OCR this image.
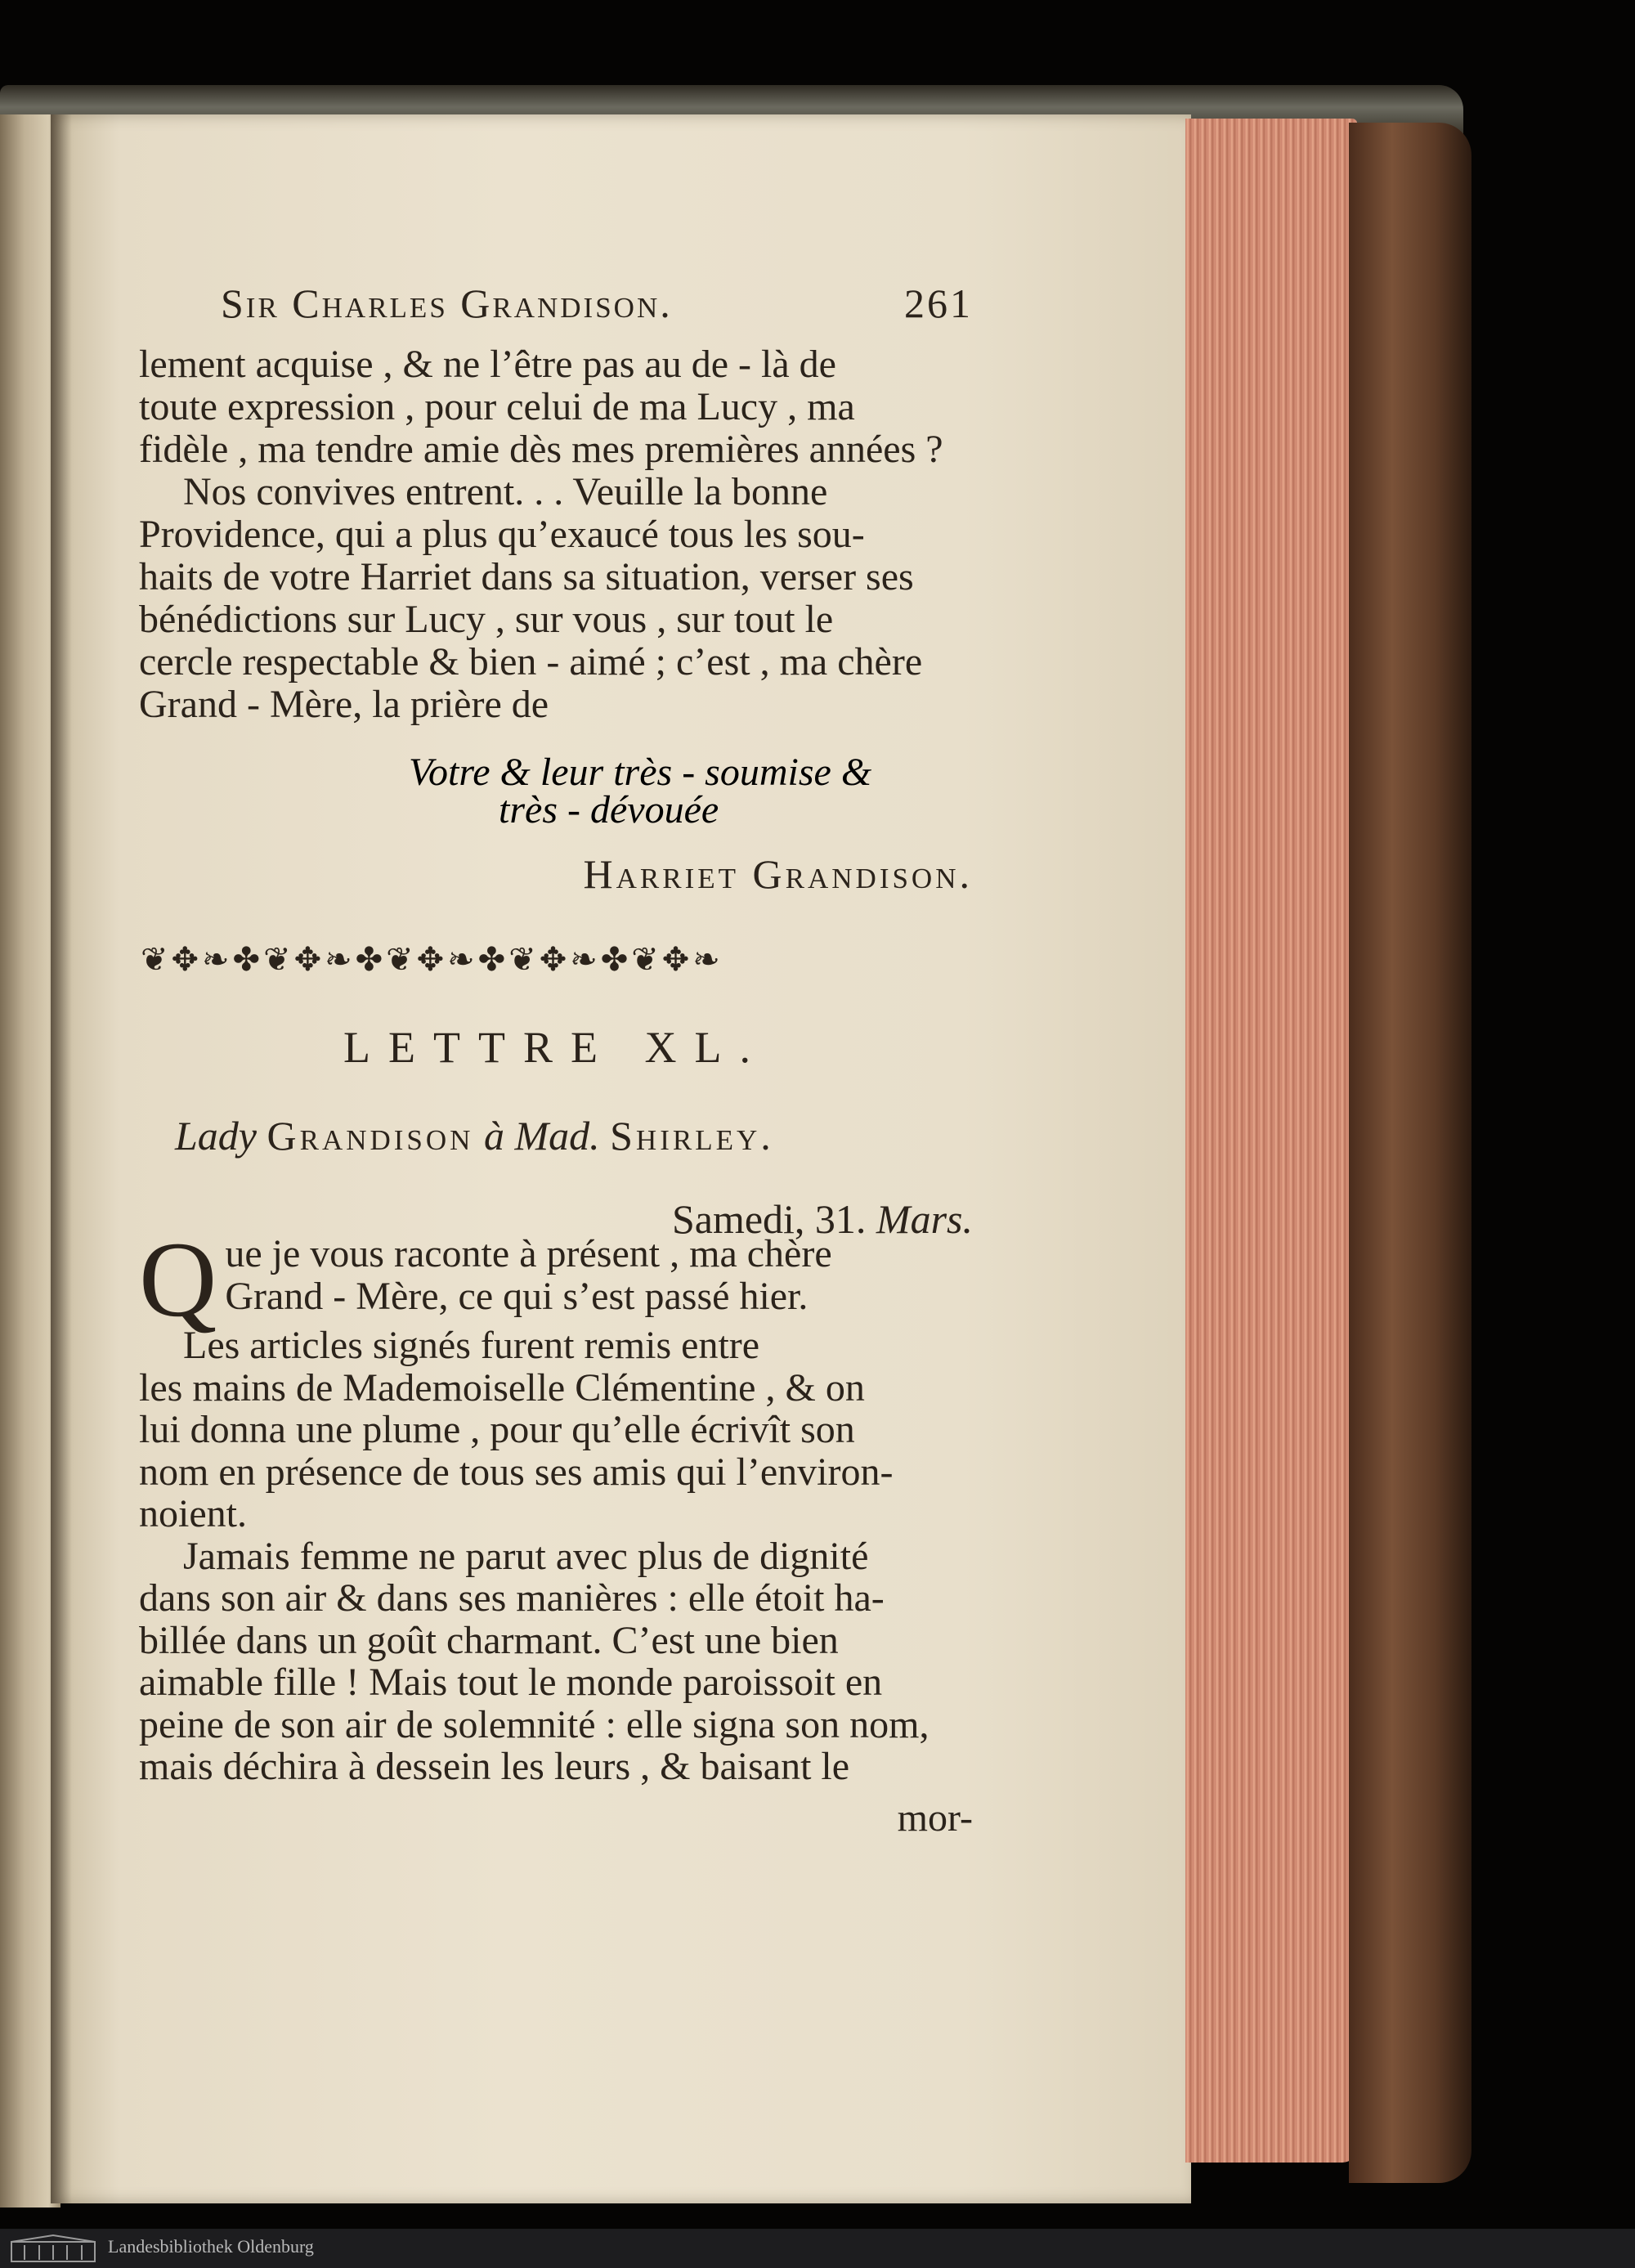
Sir Charles Grandison.	261

lement acquise , & ne l’être pas au de - là de
toute expression , pour celui de ma Lucy , ma
fidèle , ma tendre amie dès mes premières années ?

Nos convives entrent. . . Veuille la bonne
Providence, qui a plus qu’exaucé tous les sou-
haits de votre Harriet dans sa situation, verser ses
bénédictions sur Lucy , sur vous , sur tout le
cercle respectable & bien - aimé ; c’est , ma chère
Grand - Mère, la prière de

Votre & leur très - soumise &
très - dévouée
Harriet Grandison.
❦✥❧✤❦✥❧✤❦✥❧✤❦✥❧✤❦✥❧
LETTRE XL.
Lady Grandison à Mad. Shirley.
Samedi, 31. Mars.
Q ue je vous raconte à présent , ma chère
Grand - Mère, ce qui s’est passé hier.
Les articles signés furent remis entre
les mains de Mademoiselle Clémentine , & on
lui donna une plume , pour qu’elle écrivît son
nom en présence de tous ses amis qui l’environ-
noient.
Jamais femme ne parut avec plus de dignité
dans son air & dans ses manières : elle étoit ha-
billée dans un goût charmant. C’est une bien
aimable fille ! Mais tout le monde paroissoit en
peine de son air de solemnité : elle signa son nom,
mais déchira à dessein les leurs , & baisant le
mor-
Landesbibliothek Oldenburg
